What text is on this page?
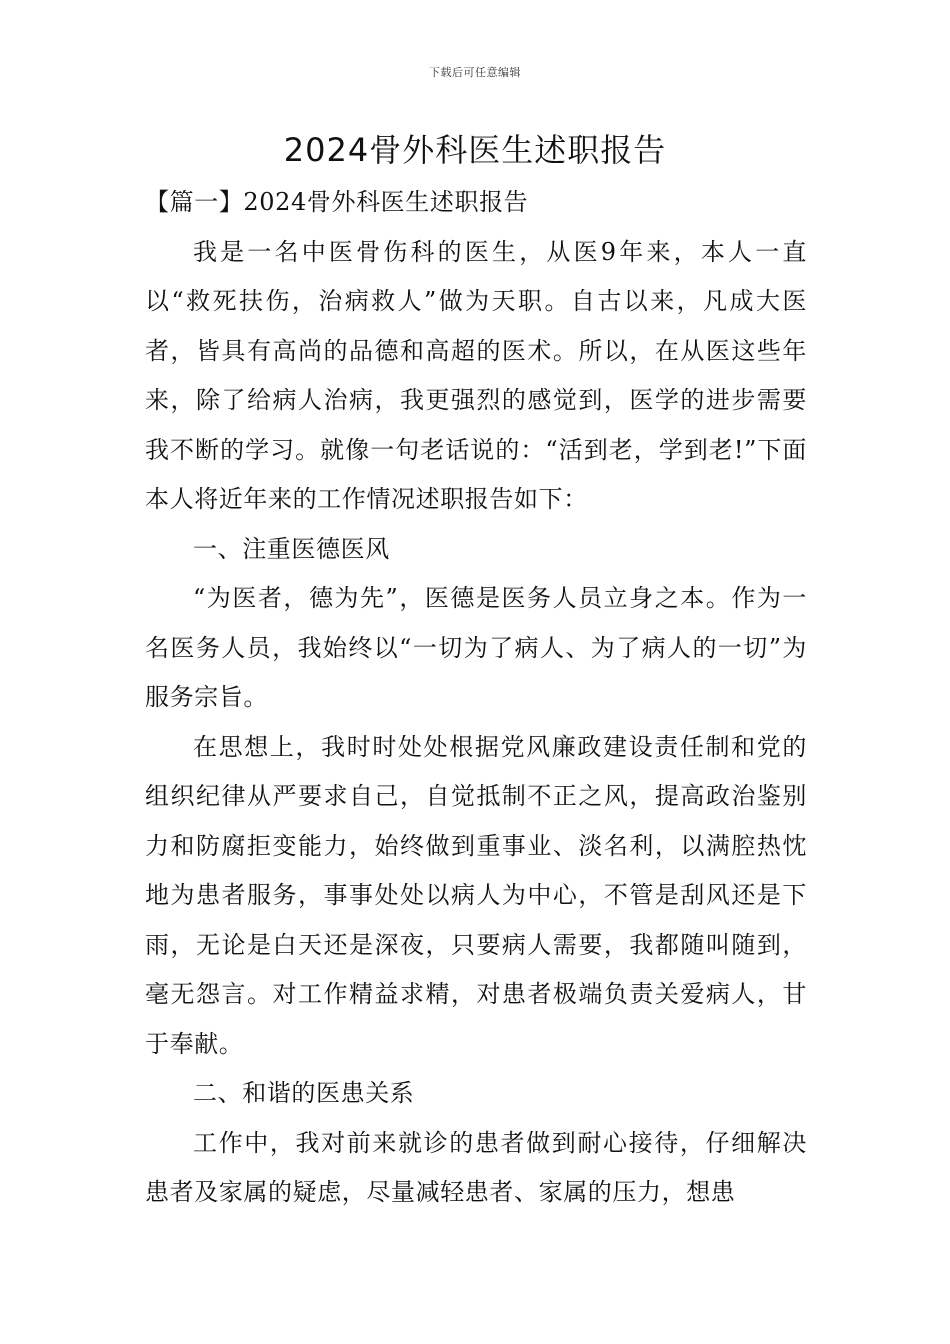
下载后可任意编辑
2024骨外科医生述职报告

【篇一】2024骨外科医生述职报告

我是一名中医骨伤科的医生，从医9年来，本人一直以“救死扶伤，治病救人”做为天职。自古以来，凡成大医者，皆具有高尚的品德和高超的医术。所以，在从医这些年来，除了给病人治病，我更强烈的感觉到，医学的进步需要我不断的学习。就像一句老话说的：“活到老，学到老!”下面本人将近年来的工作情况述职报告如下：

一、注重医德医风

“为医者，德为先”，医德是医务人员立身之本。作为一名医务人员，我始终以“一切为了病人、为了病人的一切”为服务宗旨。

在思想上，我时时处处根据党风廉政建设责任制和党的组织纪律从严要求自己，自觉抵制不正之风，提高政治鉴别力和防腐拒变能力，始终做到重事业、淡名利，以满腔热忱地为患者服务，事事处处以病人为中心，不管是刮风还是下雨，无论是白天还是深夜，只要病人需要，我都随叫随到，毫无怨言。对工作精益求精，对患者极端负责关爱病人，甘于奉献。

二、和谐的医患关系

工作中，我对前来就诊的患者做到耐心接待，仔细解决患者及家属的疑虑，尽量减轻患者、家属的压力，想患
